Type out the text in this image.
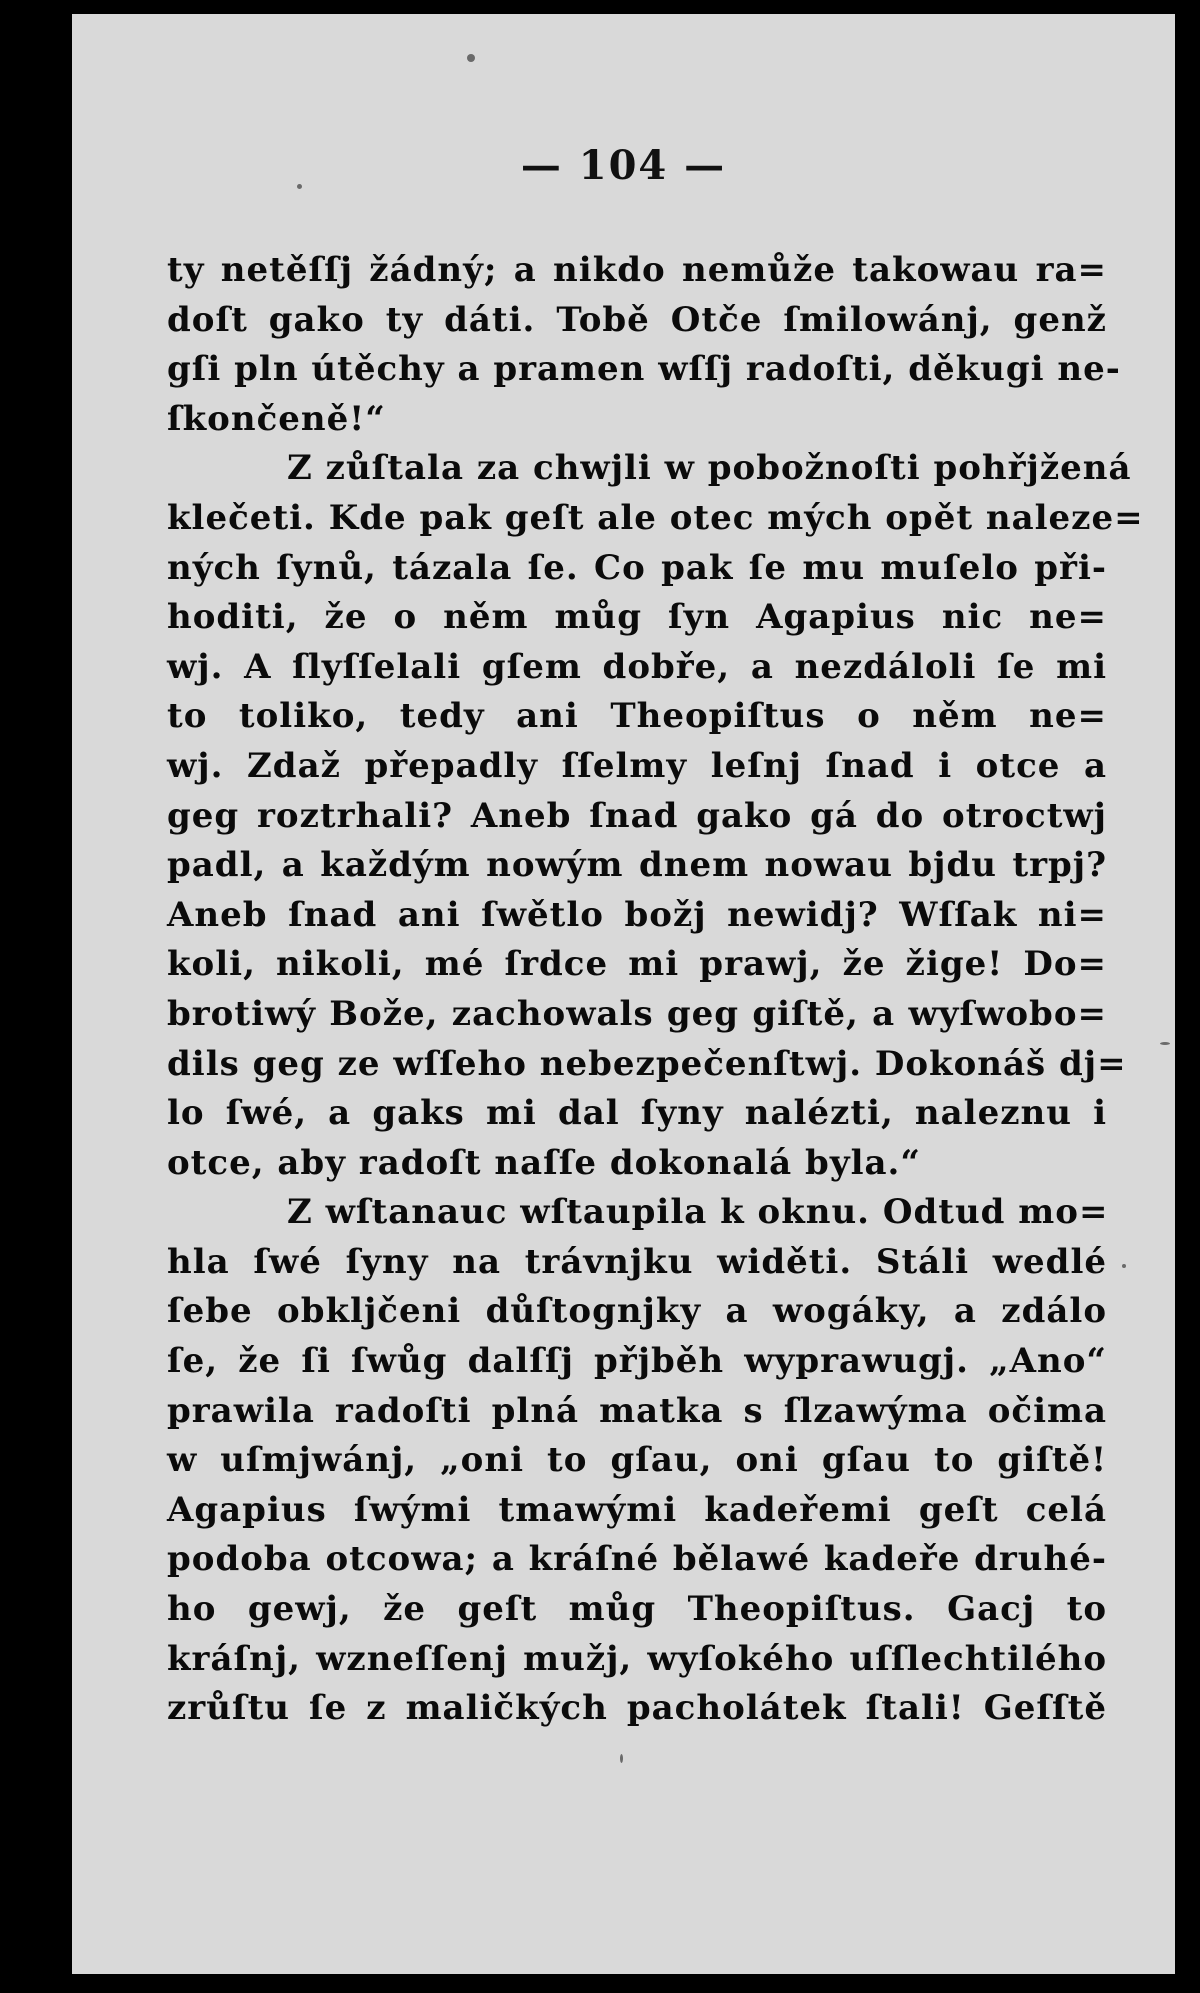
— 104 —
ty netěſſj žádný; a nikdo nemůže takowau ra=
doſt gako ty dáti. Tobě Otče ſmilowánj, genž
gſi pln útěchy a pramen wſſj radoſti, děkugi ne-
ſkončeně!“
Z zůſtala za chwjli w pobožnoſti pohřjžená
klečeti. Kde pak geſt ale otec mých opět naleze=
ných ſynů, tázala ſe. Co pak ſe mu muſelo při-
hoditi, že o něm můg ſyn Agapius nic ne=
wj. A ſlyſſelali gſem dobře, a nezdáloli ſe mi
to toliko, tedy ani Theopiſtus o něm ne=
wj. Zdaž přepadly ſſelmy leſnj ſnad i otce a
geg roztrhali? Aneb ſnad gako gá do otroctwj
padl, a každým nowým dnem nowau bjdu trpj?
Aneb ſnad ani ſwětlo božj newidj? Wſſak ni=
koli, nikoli, mé ſrdce mi prawj, že žige! Do=
brotiwý Bože, zachowals geg giſtě, a wyſwobo=
dils geg ze wſſeho nebezpečenſtwj. Dokonáš dj=
lo ſwé, a gaks mi dal ſyny nalézti, naleznu i
otce, aby radoſt naſſe dokonalá byla.“
Z wſtanauc wſtaupila k oknu. Odtud mo=
hla ſwé ſyny na trávnjku widěti. Stáli wedlé
ſebe obkljčeni důſtognjky a wogáky, a zdálo
ſe, že ſi ſwůg dalſſj přjběh wyprawugj. „Ano“
prawila radoſti plná matka s ſlzawýma očima
w uſmjwánj, „oni to gſau, oni gſau to giſtě!
Agapius ſwými tmawými kadeřemi geſt celá
podoba otcowa; a kráſné bělawé kadeře druhé-
ho gewj, že geſt můg Theopiſtus. Gacj to
kráſnj, wzneſſenj mužj, wyſokého uſſlechtilého
zrůſtu ſe z maličkých pacholátek ſtali! Geſſtě
